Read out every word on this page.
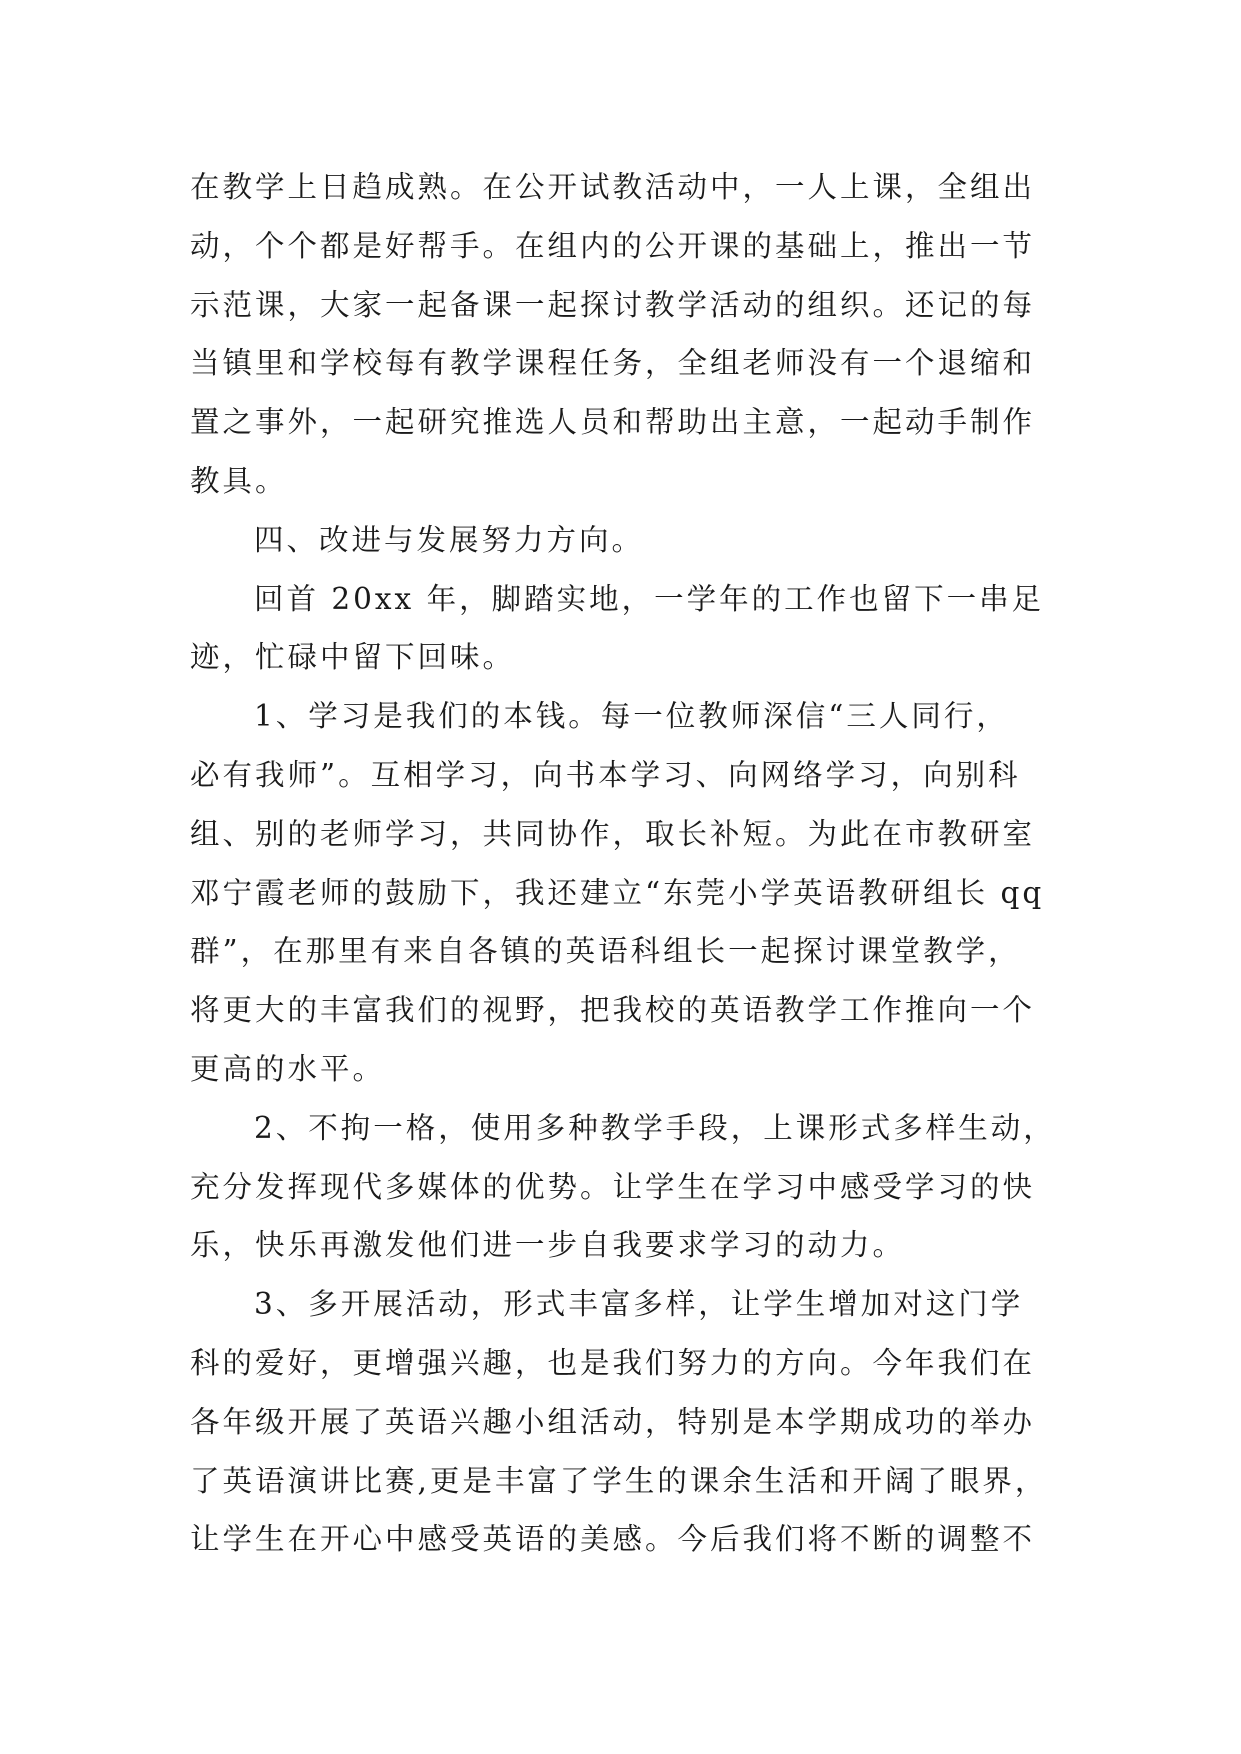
在教学上日趋成熟。在公开试教活动中，一人上课，全组出
动，个个都是好帮手。在组内的公开课的基础上，推出一节
示范课，大家一起备课一起探讨教学活动的组织。还记的每
当镇里和学校每有教学课程任务，全组老师没有一个退缩和
置之事外，一起研究推选人员和帮助出主意，一起动手制作
教具。
四、改进与发展努力方向。
回首 20xx 年，脚踏实地，一学年的工作也留下一串足
迹，忙碌中留下回味。
1、学习是我们的本钱。每一位教师深信“三人同行，
必有我师”。互相学习，向书本学习、向网络学习，向别科
组、别的老师学习，共同协作，取长补短。为此在市教研室
邓宁霞老师的鼓励下，我还建立“东莞小学英语教研组长 qq
群”，在那里有来自各镇的英语科组长一起探讨课堂教学，
将更大的丰富我们的视野，把我校的英语教学工作推向一个
更高的水平。
2、不拘一格，使用多种教学手段，上课形式多样生动，
充分发挥现代多媒体的优势。让学生在学习中感受学习的快
乐，快乐再激发他们进一步自我要求学习的动力。
3、多开展活动，形式丰富多样，让学生增加对这门学
科的爱好，更增强兴趣，也是我们努力的方向。今年我们在
各年级开展了英语兴趣小组活动，特别是本学期成功的举办
了英语演讲比赛,更是丰富了学生的课余生活和开阔了眼界，
让学生在开心中感受英语的美感。今后我们将不断的调整不
